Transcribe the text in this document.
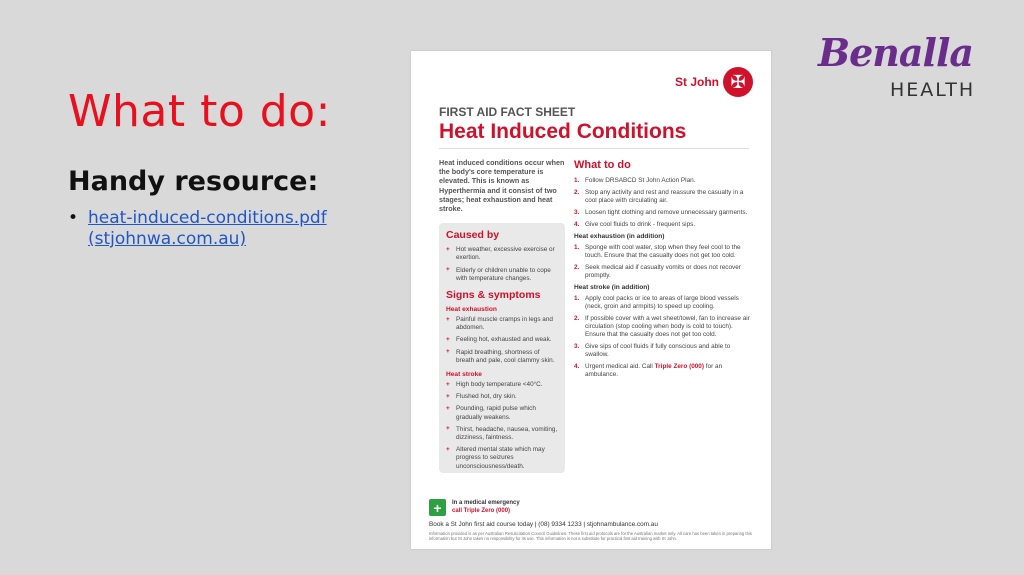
What to do:
Handy resource:
• heat-induced-conditions.pdf (stjohnwa.com.au)
Benalla
HEALTH
St John ✠
FIRST AID FACT SHEET
Heat Induced Conditions

Heat induced conditions occur when the body's core temperature is elevated. This is known as Hyperthermia and it consist of two stages; heat exhaustion and heat stroke.

Caused by
+ Hot weather, excessive exercise or exertion.
+ Elderly or children unable to cope with temperature changes.
Signs & symptoms
Heat exhaustion
+ Painful muscle cramps in legs and abdomen.
+ Feeling hot, exhausted and weak.
+ Rapid breathing, shortness of breath and pale, cool clammy skin.
Heat stroke
+ High body temperature <40°C.
+ Flushed hot, dry skin.
+ Pounding, rapid pulse which gradually weakens.
+ Thirst, headache, nausea, vomiting, dizziness, faintness.
+ Altered mental state which may progress to seizures unconsciousness/death.
What to do
1. Follow DRSABCD St John Action Plan.
2. Stop any activity and rest and reassure the casualty in a cool place with circulating air.
3. Loosen tight clothing and remove unnecessary garments.
4. Give cool fluids to drink - frequent sips.
Heat exhaustion (in addition)
1. Sponge with cool water, stop when they feel cool to the touch. Ensure that the casualty does not get too cold.
2. Seek medical aid if casualty vomits or does not recover promptly.
Heat stroke (in addition)
1. Apply cool packs or ice to areas of large blood vessels (neck, groin and armpits) to speed up cooling.
2. If possible cover with a wet sheet/towel, fan to increase air circulation (stop cooling when body is cold to touch). Ensure that the casualty does not get too cold.
3. Give sips of cool fluids if fully conscious and able to swallow.
4. Urgent medical aid. Call Triple Zero (000) for an ambulance.
+	In a medical emergency
call Triple Zero (000)
Book a St John first aid course today | (08) 9334 1233 | stjohnambulance.com.au
Information provided is as per Australian Resuscitation Council Guidelines. These first aid protocols are for the Australian market only. All care has been taken in preparing this information but St John takes no responsibility for its use. This information is not a substitute for practical first aid training with St John.
